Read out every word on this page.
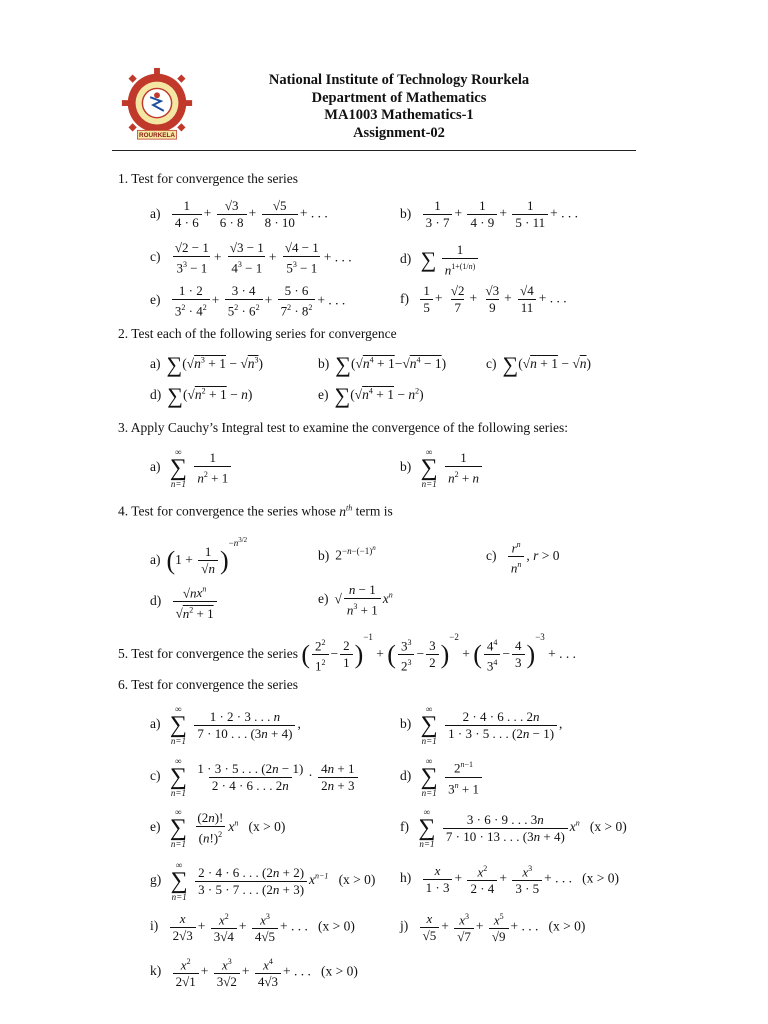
ROURKELA
National Institute of Technology Rourkela
Department of Mathematics
MA1003 Mathematics-1
Assignment-02
1. Test for convergence the series
$a) \frac{1}{4 \cdot 6} + \frac{√3}{6 \cdot 8} + \frac{√5}{8 \cdot 10}$ + . . .	$b) \frac{1}{3 \cdot 7} + \frac{1}{4 \cdot 9} + \frac{1}{5 \cdot 11}$ + . . .
$c) \frac{√2 - 1}{3^3 - 1} + \frac{√3 - 1}{4^3 - 1} + \frac{√4 - 1}{5^3 - 1}$ + . . .	d) ∑ $\frac{1}{n^{1+(1/n)}}$
$e) \frac{1 \cdot 2}{3^2 \cdot 4^2} + \frac{3 \cdot 4}{5^2 \cdot 6^2} + \frac{5 \cdot 6}{7^2 \cdot 8^2}$ + . . .	$f) \frac{1}{5} + \frac{√2}{7} + \frac{√3}{9} + \frac{√4}{11}$ + . . .
2. Test each of the following series for convergence
a) $\sum(√n^3 + 1 - √n^3)$	b) $\sum(√n^4 + 1-√n^4 - 1)$	c) ∑(√n + 1 − √n)
d) $\sum(√n^2 + 1 - n)$	e) $\sum(√n^4 + 1 - n^2)$
3. Apply Cauchy’s Integral test to examine the convergence of the following series:
a)
∞
∑
n=1
$\frac{1}{n^2 + 1}$	b)
∞
∑
n=1
$\frac{1}{n^2 + n}$
4. Test for convergence the series whose $n^{th}$ term is
a) $(1 + \frac{1}{√n} )^{-n^{3/2}}$
b) $2^{-n-(-1)^n}$	$c) \frac{r^n}{n^n}$ , r > 0
d)
$√nx^n$
$√n^2 + 1$
e) √ $\frac{n - 1}{n^3 + 1} x^n$
5. Test for convergence the series ( $\frac{2^2}{1^2} - \frac{2}{1} )^{-1}$ + ( $\frac{3^3}{2^3} - \frac{3}{2} )^{-2}$ + ( $\frac{4^4}{3^4} - \frac{4}{3} )^{-3}$ + . . .
6. Test for convergence the series
a)
∞
∑
n=1

$\frac{1 \cdot 2 \cdot 3 . . . n}{7 \cdot 10 . . . (3n + 4)}$ ,	b)
∞
∑
n=1

$\frac{2 \cdot 4 \cdot 6 . . . 2n}{1 \cdot 3 \cdot 5 . . . (2n - 1)}$ ,
c)
∞
∑
n=1

$\frac{1 \cdot 3 \cdot 5 . . . (2n - 1)}{2 \cdot 4 \cdot 6 . . . 2n} \cdot \frac{4n + 1}{2n + 3}$	d)
∞
∑
n=1
$\frac{2^{n-1}}{3^n + 1}$
e)
∞
∑
n=1
$\frac{(2n)!}{(n!)^2} x^n$ (x > 0)	f)
∞
∑
n=1

$\frac{3 \cdot 6 \cdot 9 . . . 3n}{7 \cdot 10 \cdot 13 . . . (3n + 4)} x^n$ (x > 0)
g)
∞
∑
n=1

$\frac{2 \cdot 4 \cdot 6 . . . (2n + 2)}{3 \cdot 5 \cdot 7 . . . (2n + 3)} x^{n-1}$ (x > 0) $h) \frac{x}{1 \cdot 3} + \frac{x^2}{2 \cdot 4} + \frac{x^3}{3 \cdot 5}$ + . . .   (x > 0)
$i) \frac{x}{2√3} + \frac{x^2}{3√4} + \frac{x^3}{4√5}$ + . . .   (x > 0)	$j) \frac{x}{√5} + \frac{x^3}{√7} + \frac{x^5}{√9}$ + . . .   (x > 0)
$k) \frac{x^2}{2√1} + \frac{x^3}{3√2} + \frac{x^4}{4√3}$ + . . .   (x > 0)
